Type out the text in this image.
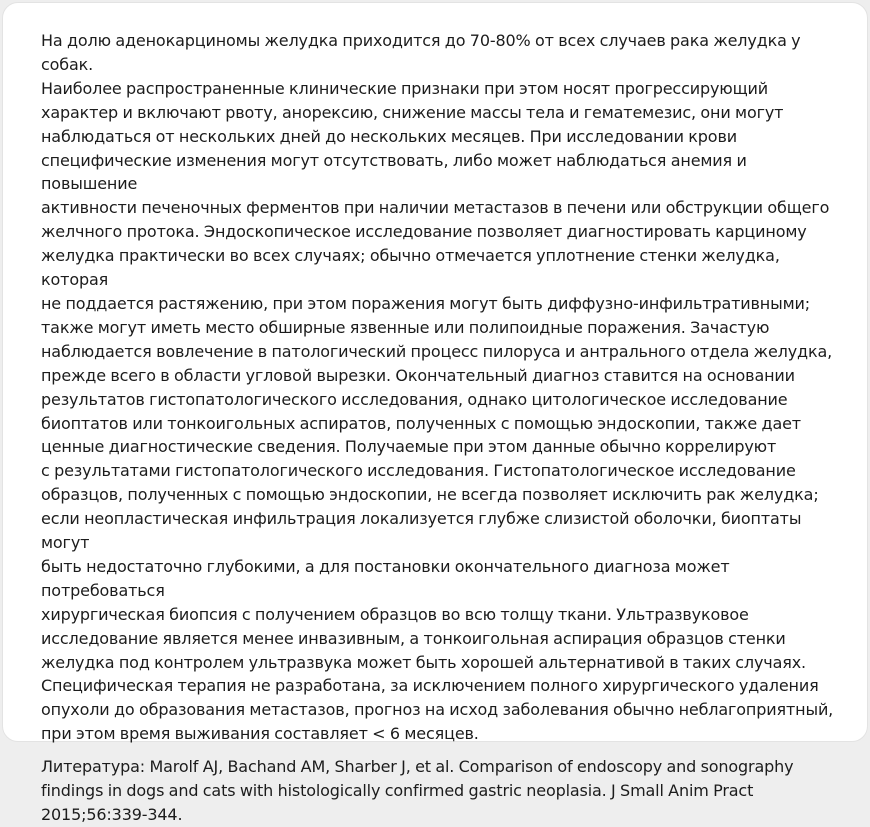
На долю аденокарциномы желудка приходится до 70-80% от всех случаев рака желудка у собак.
Наиболее распространенные клинические признаки при этом носят прогрессирующий
характер и включают рвоту, анорексию, снижение массы тела и гематемезис, они могут
наблюдаться от нескольких дней до нескольких месяцев. При исследовании крови
специфические изменения могут отсутствовать, либо может наблюдаться анемия и повышение
активности печеночных ферментов при наличии метастазов в печени или обструкции общего
желчного протока. Эндоскопическое исследование позволяет диагностировать карциному
желудка практически во всех случаях; обычно отмечается уплотнение стенки желудка, которая
не поддается растяжению, при этом поражения могут быть диффузно-инфильтративными;
также могут иметь место обширные язвенные или полипоидные поражения. Зачастую
наблюдается вовлечение в патологический процесс пилоруса и антрального отдела желудка,
прежде всего в области угловой вырезки. Окончательный диагноз ставится на основании
результатов гистопатологического исследования, однако цитологическое исследование
биоптатов или тонкоигольных аспиратов, полученных с помощью эндоскопии, также дает
ценные диагностические сведения. Получаемые при этом данные обычно коррелируют
с результатами гистопатологического исследования. Гистопатологическое исследование
образцов, полученных с помощью эндоскопии, не всегда позволяет исключить рак желудка;
если неопластическая инфильтрация локализуется глубже слизистой оболочки, биоптаты могут
быть недостаточно глубокими, а для постановки окончательного диагноза может потребоваться
хирургическая биопсия с получением образцов во всю толщу ткани. Ультразвуковое
исследование является менее инвазивным, а тонкоигольная аспирация образцов стенки
желудка под контролем ультразвука может быть хорошей альтернативой в таких случаях.
Специфическая терапия не разработана, за исключением полного хирургического удаления
опухоли до образования метастазов, прогноз на исход заболевания обычно неблагоприятный,
при этом время выживания составляет < 6 месяцев.

Литература: Marolf AJ, Bachand AM, Sharber J, et al. Comparison of endoscopy and sonography
findings in dogs and cats with histologically confirmed gastric neoplasia. J Small Anim Pract
2015;56:339-344.
